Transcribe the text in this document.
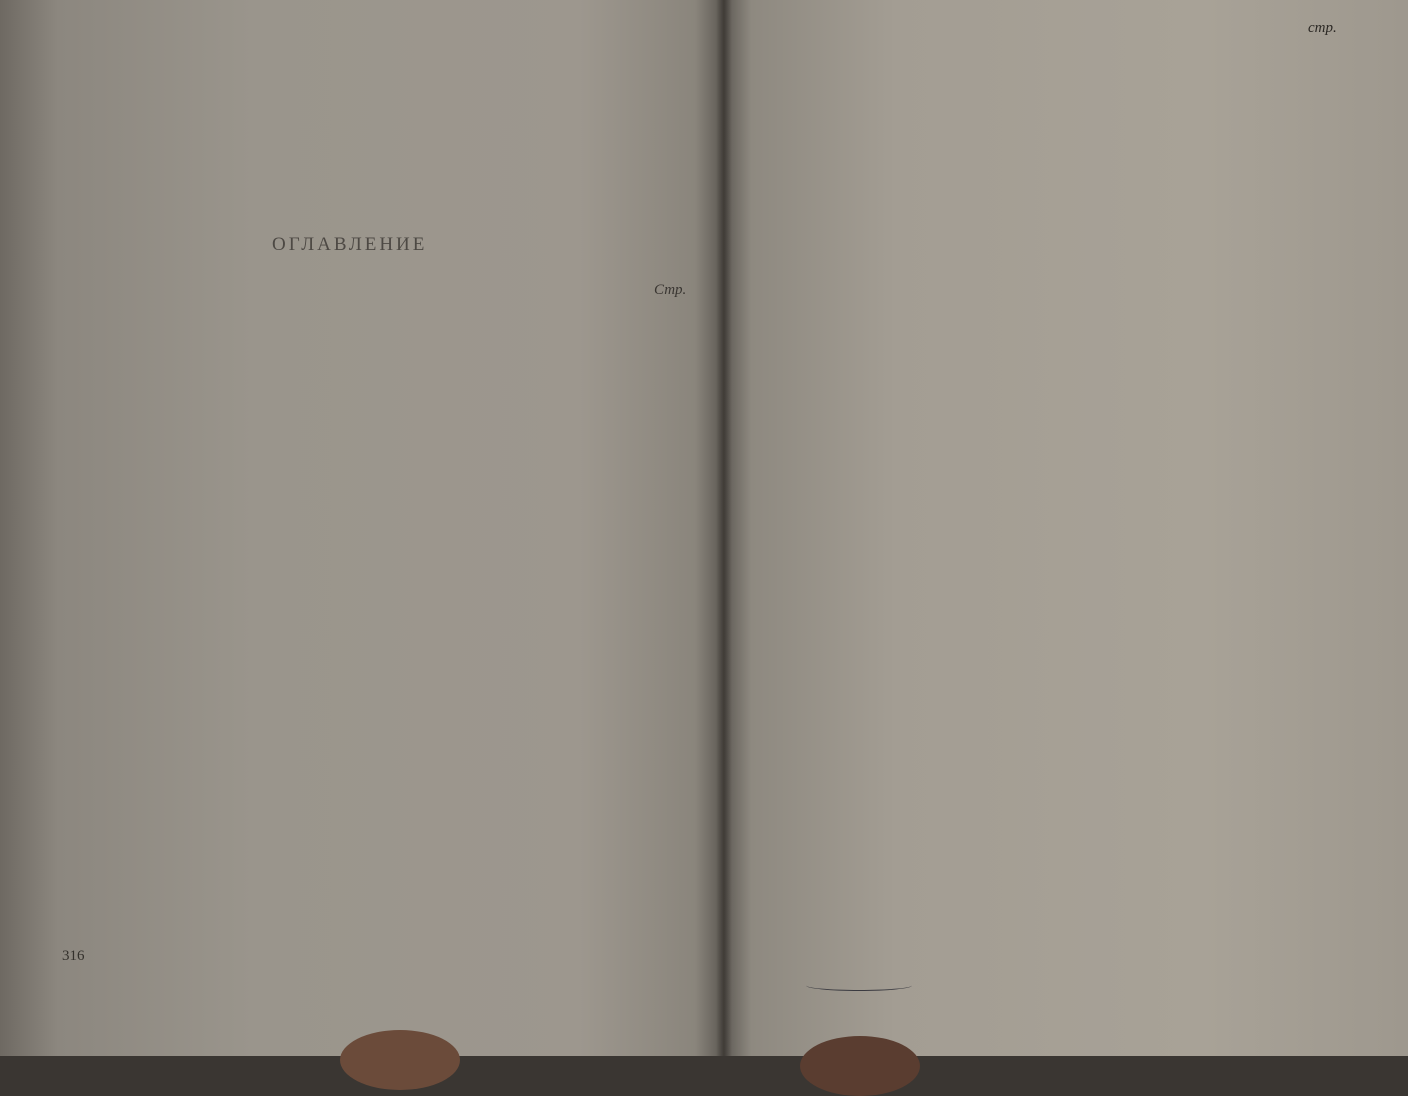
ОГЛАВЛЕНИЕ
Стр.
316
стр.
